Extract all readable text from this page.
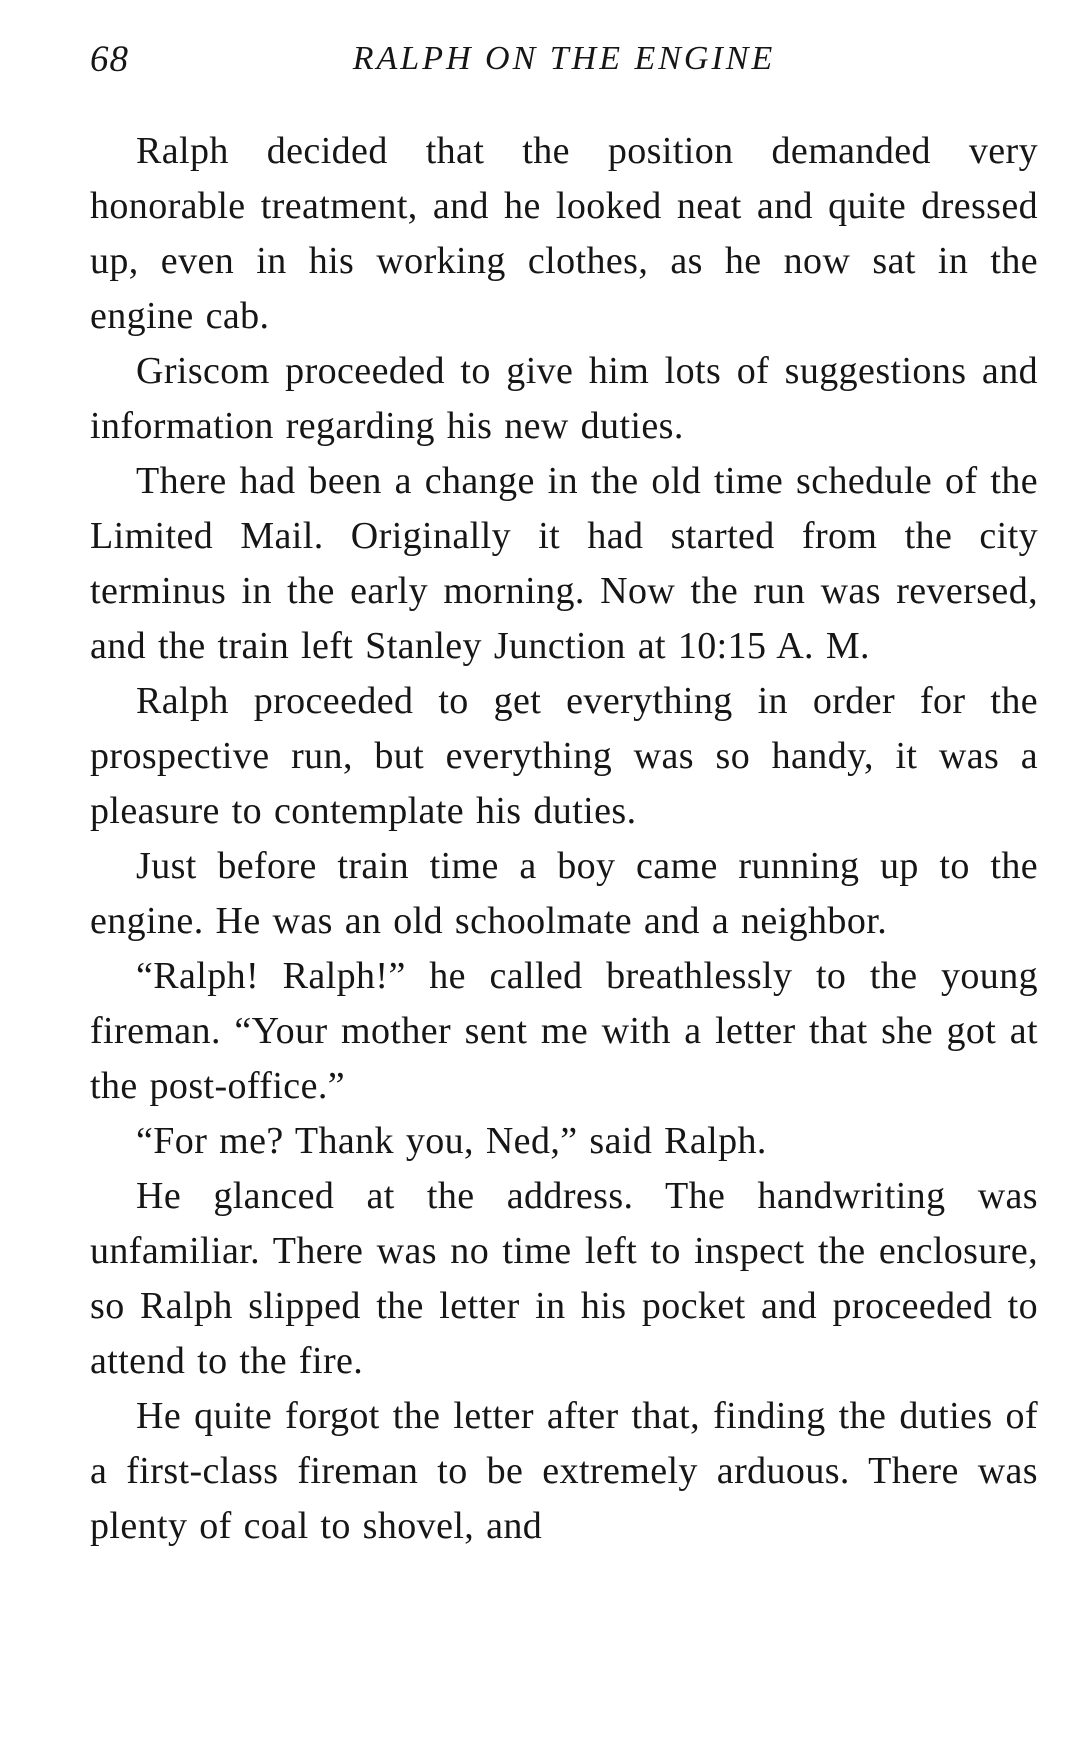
68	RALPH ON THE ENGINE

Ralph decided that the position demanded very honorable treatment, and he looked neat and quite dressed up, even in his working clothes, as he now sat in the engine cab.

Griscom proceeded to give him lots of suggestions and information regarding his new duties.

There had been a change in the old time schedule of the Limited Mail. Originally it had started from the city terminus in the early morning. Now the run was reversed, and the train left Stanley Junction at 10:15 A. M.

Ralph proceeded to get everything in order for the prospective run, but everything was so handy, it was a pleasure to contemplate his duties.

Just before train time a boy came running up to the engine. He was an old schoolmate and a neighbor.

“Ralph! Ralph!” he called breathlessly to the young fireman. “Your mother sent me with a letter that she got at the post-office.”

“For me? Thank you, Ned,” said Ralph.

He glanced at the address. The handwriting was unfamiliar. There was no time left to inspect the enclosure, so Ralph slipped the letter in his pocket and proceeded to attend to the fire.

He quite forgot the letter after that, finding the duties of a first-class fireman to be extremely arduous. There was plenty of coal to shovel, and
